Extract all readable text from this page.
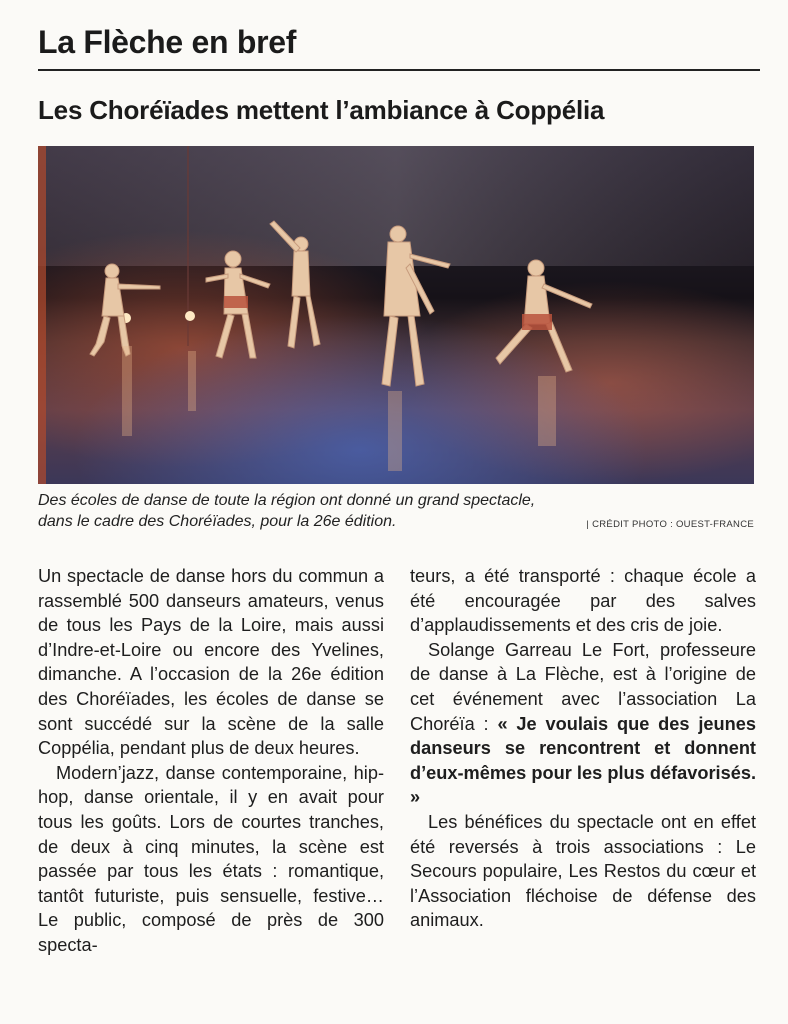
La Flèche en bref
Les Choréïades mettent l’ambiance à Coppélia
Des écoles de danse de toute la région ont donné un grand spectacle,
dans le cadre des Choréïades, pour la 26e édition.	| CRÉDIT PHOTO : OUEST-FRANCE

Un spectacle de danse hors du commun a rassemblé 500 danseurs amateurs, venus de tous les Pays de la Loire, mais aussi d’Indre-et-Loire ou encore des Yvelines, dimanche. A l’occasion de la 26e édition des Choréïades, les écoles de danse se sont succédé sur la scène de la salle Coppélia, pendant plus de deux heures.

Modern’jazz, danse contemporaine, hip-hop, danse orientale, il y en avait pour tous les goûts. Lors de courtes tranches, de deux à cinq minutes, la scène est passée par tous les états : romantique, tantôt futuriste, puis sensuelle, festive… Le public, composé de près de 300 specta-

teurs, a été transporté : chaque école a été encouragée par des salves d’applaudissements et des cris de joie.

Solange Garreau Le Fort, professeure de danse à La Flèche, est à l’origine de cet événement avec l’association La Choréïa : « Je voulais que des jeunes danseurs se rencontrent et donnent d’eux-mêmes pour les plus défavorisés. »

Les bénéfices du spectacle ont en effet été reversés à trois associations : Le Secours populaire, Les Restos du cœur et l’Association fléchoise de défense des animaux.
